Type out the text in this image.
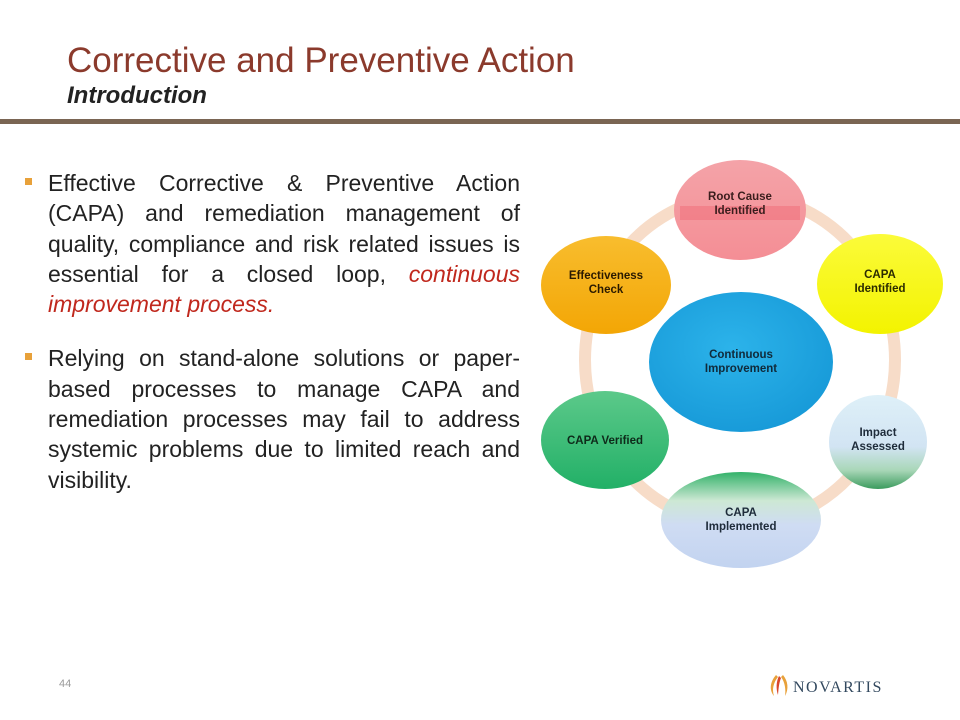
Corrective and Preventive Action
Introduction
Effective Corrective & Preventive Action (CAPA) and remediation management of quality, compliance and risk related issues is essential for a closed loop, continuous improvement process.
Relying on stand-alone solutions or paper-based processes to manage CAPA and remediation processes may fail to address systemic problems due to limited reach and visibility.
Root Cause Identified
CAPA Identified
Impact Assessed
CAPA Implemented
CAPA Verified
Effectiveness Check
Continuous Improvement
44	NOVARTIS
